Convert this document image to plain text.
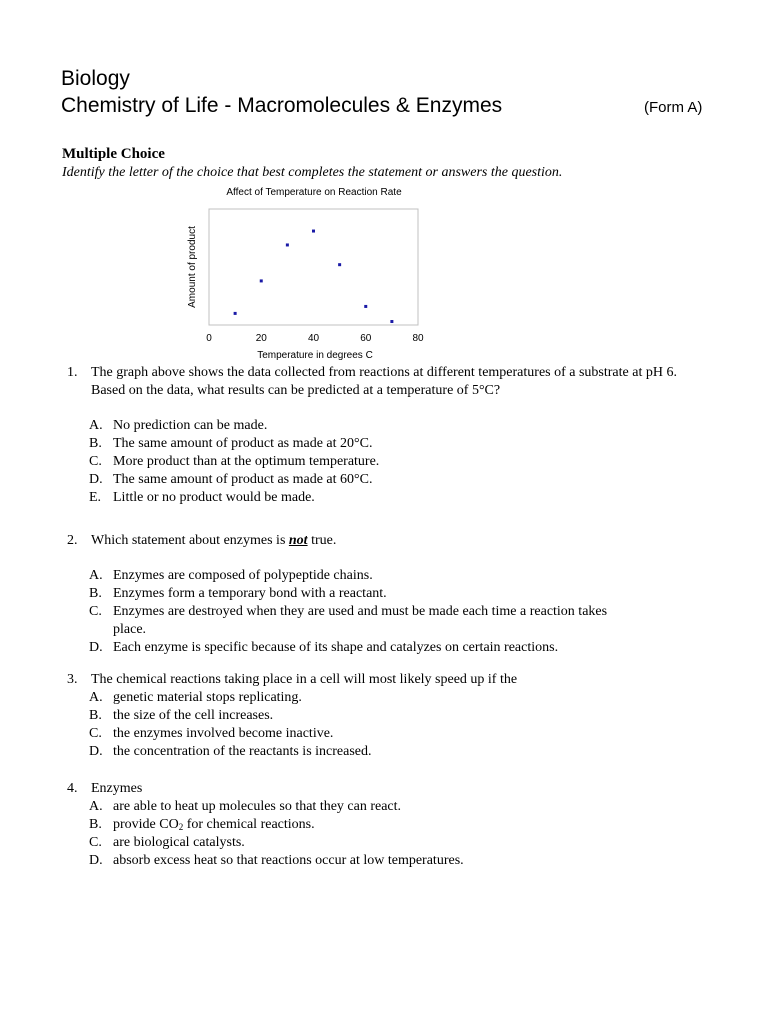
Biology
Chemistry of Life - Macromolecules & Enzymes	(Form A)
Multiple Choice
Identify the letter of the choice that best completes the statement or answers the question.
Affect of Temperature on Reaction Rate
Amount of product
Temperature in degrees C
0	20	40	60	80
1. The graph above shows the data collected from reactions at different temperatures of a substrate at pH 6. Based on the data, what results can be predicted at a temperature of 5°C?
A. No prediction can be made.
B. The same amount of product as made at 20°C.
C. More product than at the optimum temperature.
D. The same amount of product as made at 60°C.
E. Little or no product would be made.
2. Which statement about enzymes is not true.
A. Enzymes are composed of polypeptide chains.
B. Enzymes form a temporary bond with a reactant.
C. Enzymes are destroyed when they are used and must be made each time a reaction takes place.
D. Each enzyme is specific because of its shape and catalyzes on certain reactions.
3. The chemical reactions taking place in a cell will most likely speed up if the
A. genetic material stops replicating.
B. the size of the cell increases.
C. the enzymes involved become inactive.
D. the concentration of the reactants is increased.
4. Enzymes
A. are able to heat up molecules so that they can react.
B. provide $CO_2$ for chemical reactions.
C. are biological catalysts.
D. absorb excess heat so that reactions occur at low temperatures.
